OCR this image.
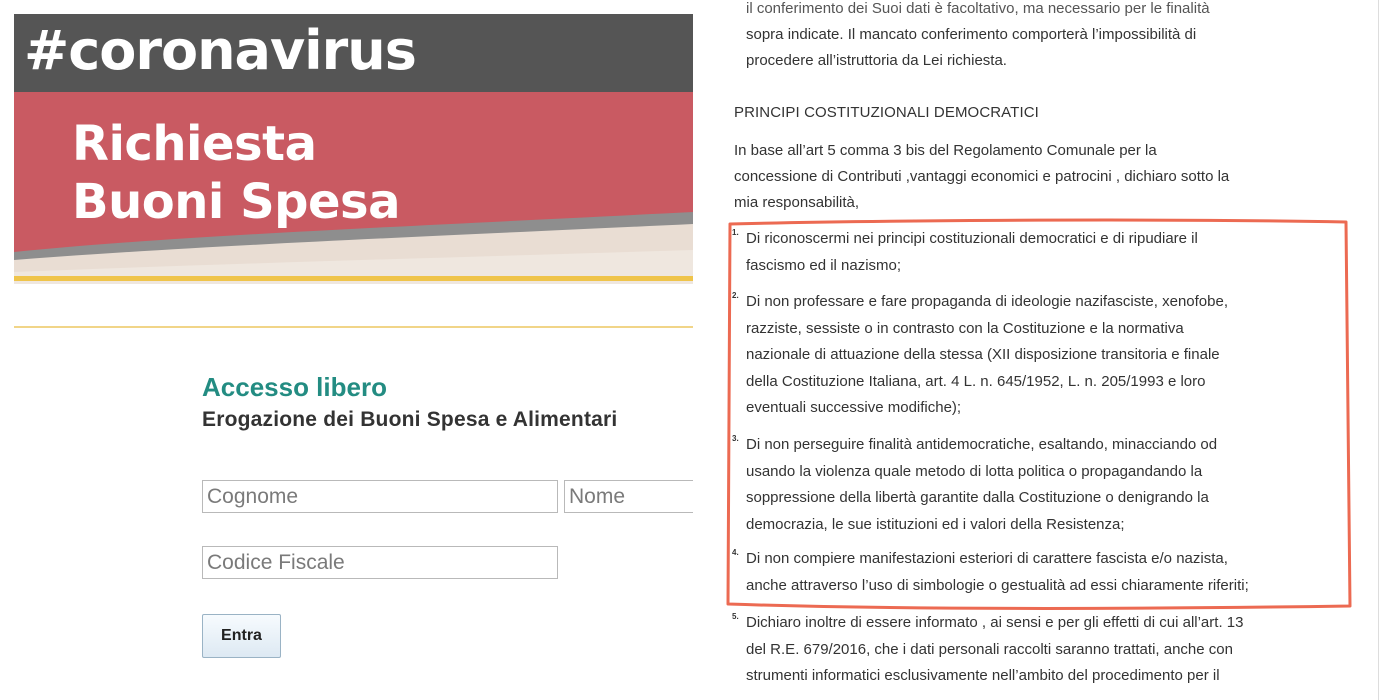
#coronavirus
Richiesta
Buoni Spesa
Accesso libero
Erogazione dei Buoni Spesa e Alimentari
Cognome
Nome
Codice Fiscale
Entra
il conferimento dei Suoi dati è facoltativo, ma necessario per le finalità
sopra indicate. Il mancato conferimento comporterà l’impossibilità di
procedere all’istruttoria da Lei richiesta.
PRINCIPI COSTITUZIONALI DEMOCRATICI
In base all’art 5 comma 3 bis del Regolamento Comunale per la
concessione di Contributi ,vantaggi economici e patrocini , dichiaro sotto la
mia responsabilità,
1. Di riconoscermi nei principi costituzionali democratici e di ripudiare il
fascismo ed il nazismo;
2. Di non professare e fare propaganda di ideologie nazifasciste, xenofobe,
razziste, sessiste o in contrasto con la Costituzione e la normativa
nazionale di attuazione della stessa (XII disposizione transitoria e finale
della Costituzione Italiana, art. 4 L. n. 645/1952, L. n. 205/1993 e loro
eventuali successive modifiche);
3. Di non perseguire finalità antidemocratiche, esaltando, minacciando od
usando la violenza quale metodo di lotta politica o propagandando la
soppressione della libertà garantite dalla Costituzione o denigrando la
democrazia, le sue istituzioni ed i valori della Resistenza;
4. Di non compiere manifestazioni esteriori di carattere fascista e/o nazista,
anche attraverso l’uso di simbologie o gestualità ad essi chiaramente riferiti;
5. Dichiaro inoltre di essere informato , ai sensi e per gli effetti di cui all’art. 13
del R.E. 679/2016, che i dati personali raccolti saranno trattati, anche con
strumenti informatici esclusivamente nell’ambito del procedimento per il
